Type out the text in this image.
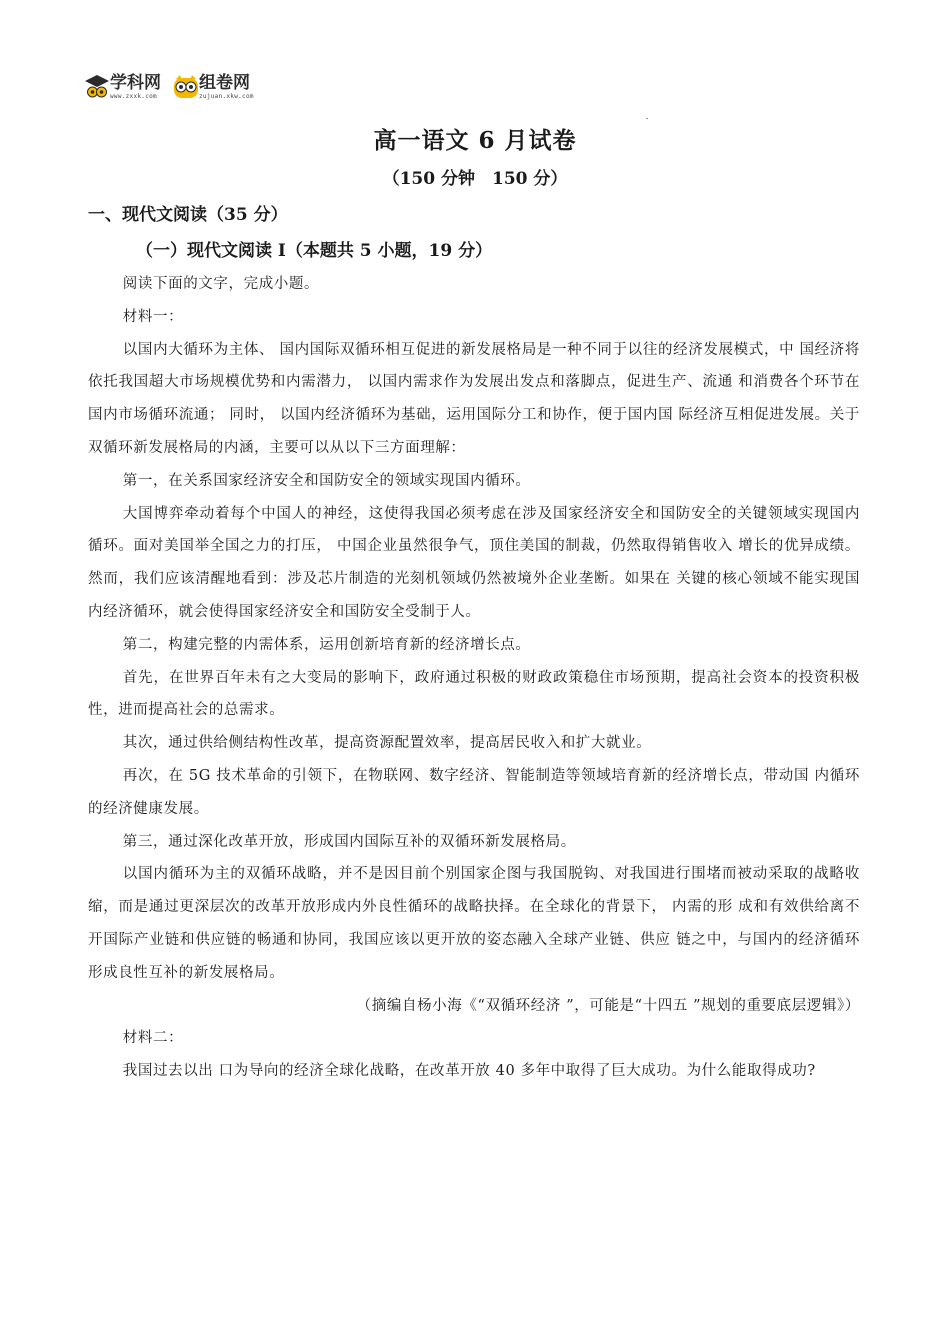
学科网
www.zxxk.com
组卷网
zujuan.xkw.com
高一语文 6 月试卷
（150 分钟　150 分）
一、现代文阅读（35 分）
（一）现代文阅读 Ⅰ（本题共 5 小题，19 分）

阅读下面的文字，完成小题。

材料一：

以国内大循环为主体、 国内国际双循环相互促进的新发展格局是一种不同于以往的经济发展模式，中 国经济将依托我国超大市场规模优势和内需潜力， 以国内需求作为发展出发点和落脚点，促进生产、流通 和消费各个环节在国内市场循环流通； 同时， 以国内经济循环为基础，运用国际分工和协作，便于国内国 际经济互相促进发展。关于双循环新发展格局的内涵，主要可以从以下三方面理解：

第一，在关系国家经济安全和国防安全的领域实现国内循环。

大国博弈牵动着每个中国人的神经，这使得我国必须考虑在涉及国家经济安全和国防安全的关键领域实现国内循环。面对美国举全国之力的打压， 中国企业虽然很争气，顶住美国的制裁，仍然取得销售收入 增长的优异成绩。然而，我们应该清醒地看到：涉及芯片制造的光刻机领域仍然被境外企业垄断。如果在 关键的核心领域不能实现国内经济循环，就会使得国家经济安全和国防安全受制于人。

第二，构建完整的内需体系，运用创新培育新的经济增长点。

首先，在世界百年未有之大变局的影响下，政府通过积极的财政政策稳住市场预期，提高社会资本的投资积极性，进而提高社会的总需求。

其次，通过供给侧结构性改革，提高资源配置效率，提高居民收入和扩大就业。

再次，在 5G 技术革命的引领下，在物联网、数字经济、智能制造等领域培育新的经济增长点，带动国 内循环的经济健康发展。

第三，通过深化改革开放，形成国内国际互补的双循环新发展格局。

以国内循环为主的双循环战略，并不是因目前个别国家企图与我国脱钩、对我国进行围堵而被动采取的战略收缩，而是通过更深层次的改革开放形成内外良性循环的战略抉择。在全球化的背景下， 内需的形 成和有效供给离不开国际产业链和供应链的畅通和协同，我国应该以更开放的姿态融入全球产业链、供应 链之中，与国内的经济循环形成良性互补的新发展格局。

（摘编自杨小海《“双循环经济 ”，可能是“十四五 ”规划的重要底层逻辑》）

材料二：

我国过去以出 口为导向的经济全球化战略，在改革开放 40 多年中取得了巨大成功。为什么能取得成功?
